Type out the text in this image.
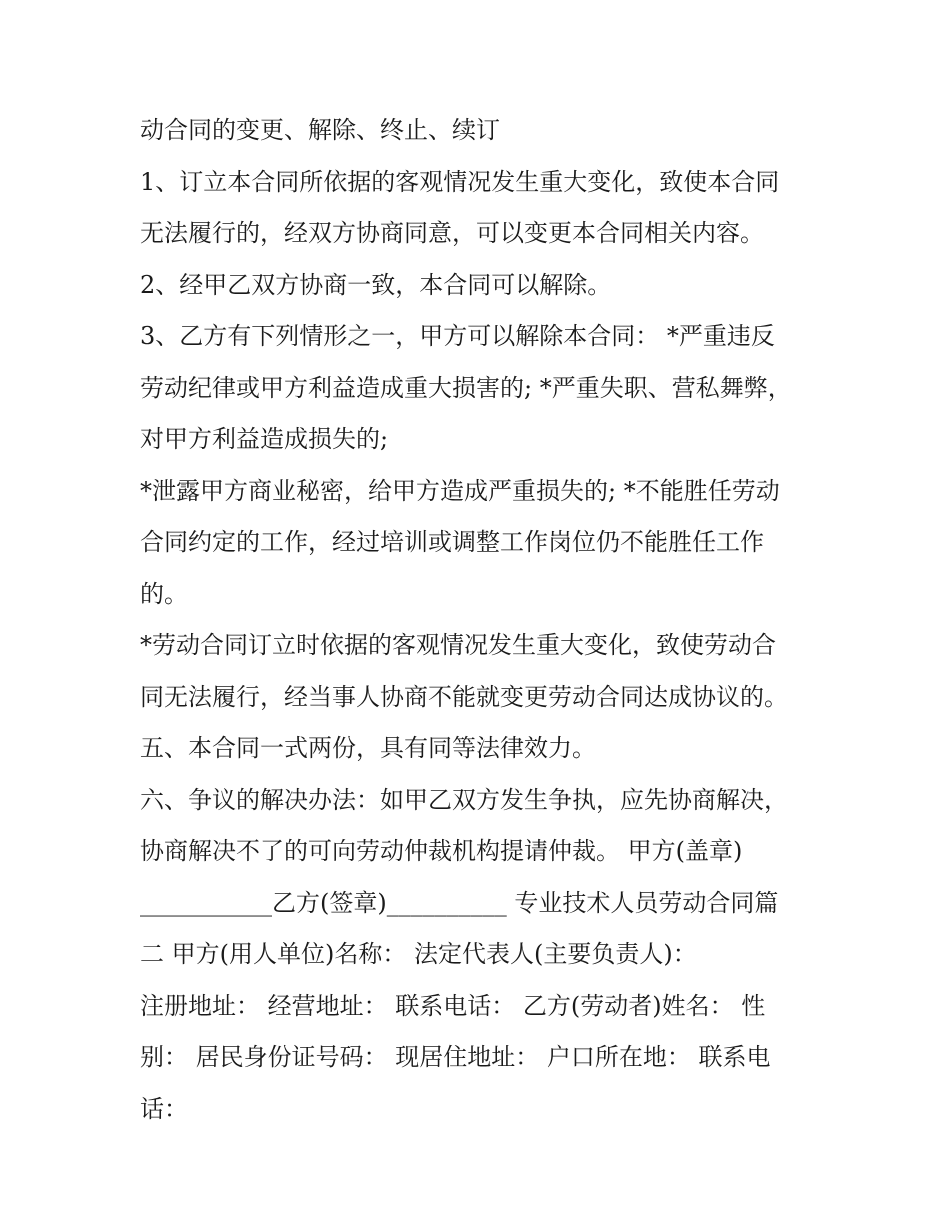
动合同的变更、解除、终止、续订
1、订立本合同所依据的客观情况发生重大变化，致使本合同
无法履行的，经双方协商同意，可以变更本合同相关内容。
2、经甲乙双方协商一致，本合同可以解除。
3、乙方有下列情形之一，甲方可以解除本合同： *严重违反
劳动纪律或甲方利益造成重大损害的; *严重失职、营私舞弊，
对甲方利益造成损失的;
*泄露甲方商业秘密，给甲方造成严重损失的; *不能胜任劳动
合同约定的工作，经过培训或调整工作岗位仍不能胜任工作
的。
*劳动合同订立时依据的客观情况发生重大变化，致使劳动合
同无法履行，经当事人协商不能就变更劳动合同达成协议的。
五、本合同一式两份，具有同等法律效力。
六、争议的解决办法：如甲乙双方发生争执，应先协商解决，
协商解决不了的可向劳动仲裁机构提请仲裁。 甲方(盖章)
___________乙方(签章)__________ 专业技术人员劳动合同篇
二 甲方(用人单位)名称： 法定代表人(主要负责人)：
注册地址： 经营地址： 联系电话： 乙方(劳动者)姓名： 性
别： 居民身份证号码： 现居住地址： 户口所在地： 联系电
话：
